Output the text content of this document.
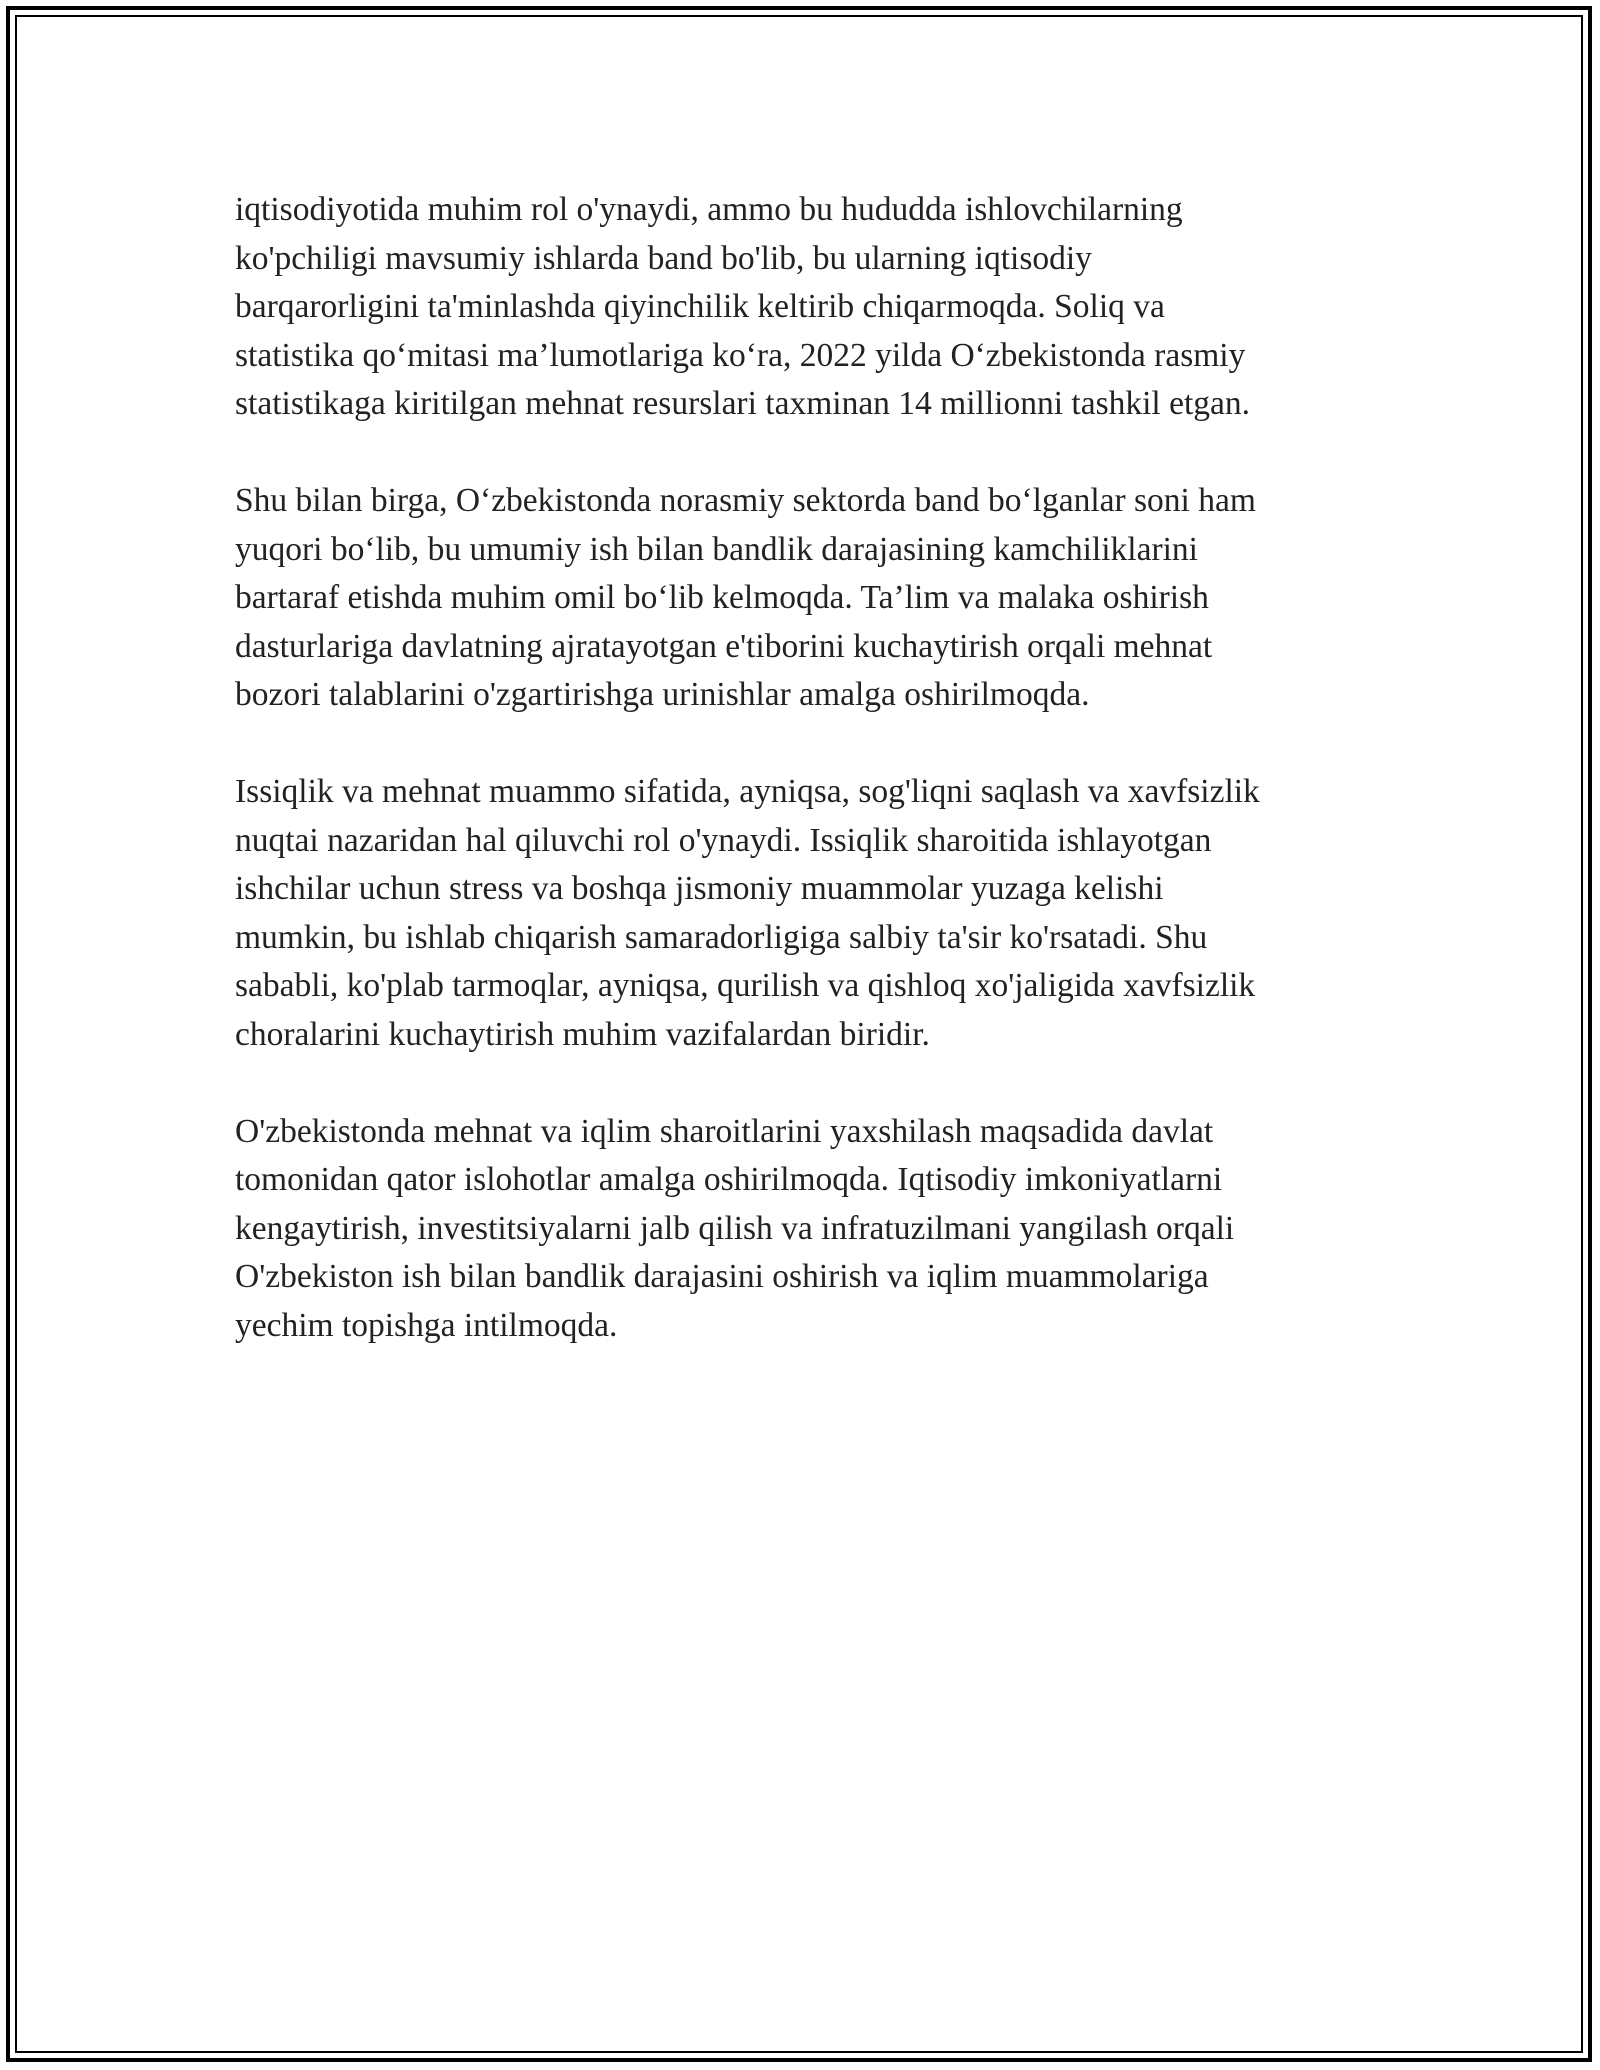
iqtisodiyotida muhim rol o'ynaydi, ammo bu hududda ishlovchilarning
ko'pchiligi mavsumiy ishlarda band bo'lib, bu ularning iqtisodiy
barqarorligini ta'minlashda qiyinchilik keltirib chiqarmoqda. Soliq va
statistika qo‘mitasi ma’lumotlariga ko‘ra, 2022 yilda O‘zbekistonda rasmiy
statistikaga kiritilgan mehnat resurslari taxminan 14 millionni tashkil etgan.

Shu bilan birga, O‘zbekistonda norasmiy sektorda band bo‘lganlar soni ham
yuqori bo‘lib, bu umumiy ish bilan bandlik darajasining kamchiliklarini
bartaraf etishda muhim omil bo‘lib kelmoqda. Ta’lim va malaka oshirish
dasturlariga davlatning ajratayotgan e'tiborini kuchaytirish orqali mehnat
bozori talablarini o'zgartirishga urinishlar amalga oshirilmoqda.

Issiqlik va mehnat muammo sifatida, ayniqsa, sog'liqni saqlash va xavfsizlik
nuqtai nazaridan hal qiluvchi rol o'ynaydi. Issiqlik sharoitida ishlayotgan
ishchilar uchun stress va boshqa jismoniy muammolar yuzaga kelishi
mumkin, bu ishlab chiqarish samaradorligiga salbiy ta'sir ko'rsatadi. Shu
sababli, ko'plab tarmoqlar, ayniqsa, qurilish va qishloq xo'jaligida xavfsizlik
choralarini kuchaytirish muhim vazifalardan biridir.

O'zbekistonda mehnat va iqlim sharoitlarini yaxshilash maqsadida davlat
tomonidan qator islohotlar amalga oshirilmoqda. Iqtisodiy imkoniyatlarni
kengaytirish, investitsiyalarni jalb qilish va infratuzilmani yangilash orqali
O'zbekiston ish bilan bandlik darajasini oshirish va iqlim muammolariga
yechim topishga intilmoqda.
